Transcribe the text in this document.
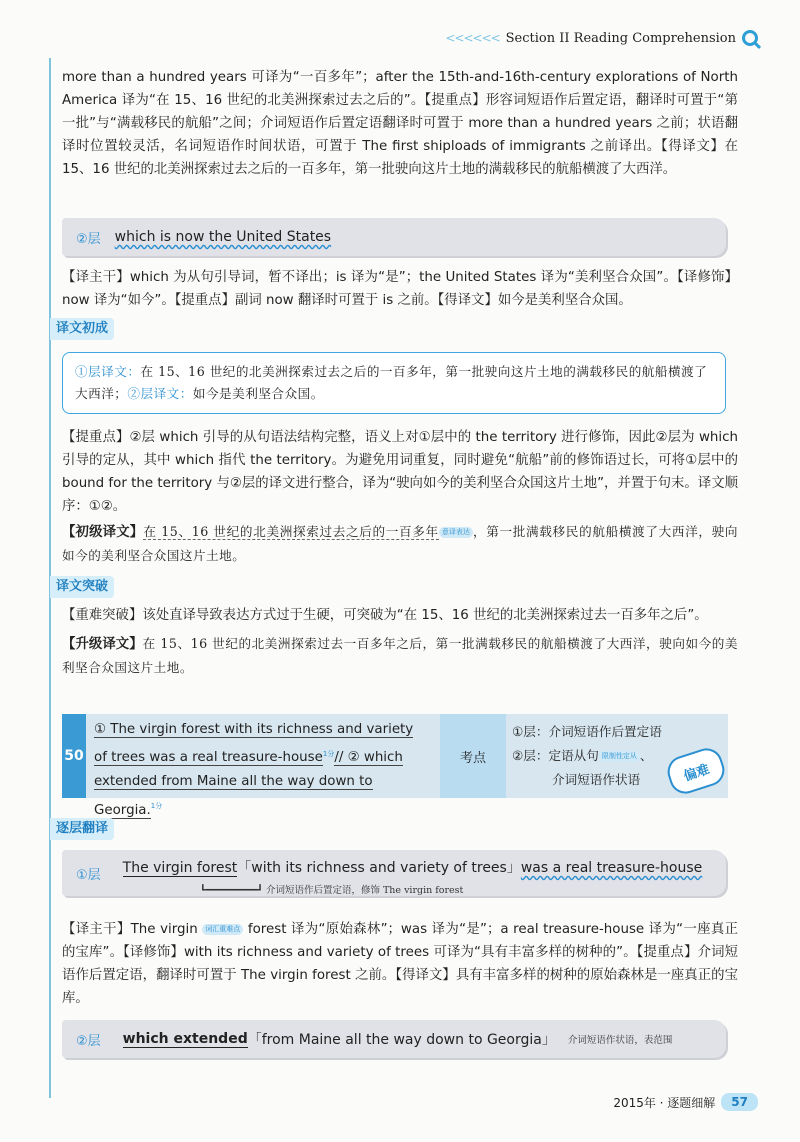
<<<<<< Section II Reading Comprehension

more than a hundred years 可译为“一百多年”；after the 15th-and-16th-century explorations of North America 译为“在 15、16 世纪的北美洲探索过去之后的”。【提重点】形容词短语作后置定语，翻译时可置于“第一批”与“满载移民的航船”之间；介词短语作后置定语翻译时可置于 more than a hundred years 之前；状语翻译时位置较灵活，名词短语作时间状语，可置于 The first shiploads of immigrants 之前译出。【得译文】在 15、16 世纪的北美洲探索过去之后的一百多年，第一批驶向这片土地的满载移民的航船横渡了大西洋。

②层 which is now the United States

【译主干】which 为从句引导词，暂不译出；is 译为“是”；the United States 译为“美利坚合众国”。【译修饰】now 译为“如今”。【提重点】副词 now 翻译时可置于 is 之前。【得译文】如今是美利坚合众国。

译文初成
①层译文：在 15、16 世纪的北美洲探索过去之后的一百多年，第一批驶向这片土地的满载移民的航船横渡了大西洋；②层译文：如今是美利坚合众国。

【提重点】②层 which 引导的从句语法结构完整，语义上对①层中的 the territory 进行修饰，因此②层为 which 引导的定从，其中 which 指代 the territory。为避免用词重复，同时避免“航船”前的修饰语过长，可将①层中的 bound for the territory 与②层的译文进行整合，译为“驶向如今的美利坚合众国这片土地”，并置于句末。译文顺序：①②。

【初级译文】在 15、16 世纪的北美洲探索过去之后的一百多年 意译表达 ，第一批满载移民的航船横渡了大西洋，驶向如今的美利坚合众国这片土地。

译文突破

【重难突破】该处直译导致表达方式过于生硬，可突破为“在 15、16 世纪的北美洲探索过去一百多年之后”。

【升级译文】在 15、16 世纪的北美洲探索过去一百多年之后，第一批满载移民的航船横渡了大西洋，驶向如今的美利坚合众国这片土地。

50
① The virgin forest with its richness and variety
of trees was a real treasure-house$^{1分}$// ② which
extended from Maine all the way down to Georgia.$^{1分}$
考点
①层：介词短语作后置定语
②层：定语从句 限制性定从 、
介词短语作状语	偏难
逐层翻译
①层 The virgin forest「with its richness and variety of trees」was a real treasure-house
┗━━━━━━━━━┛ 介词短语作后置定语，修饰 The virgin forest

【译主干】The virgin 词汇重难点 forest 译为“原始森林”；was 译为“是”；a real treasure-house 译为“一座真正的宝库”。【译修饰】with its richness and variety of trees 可译为“具有丰富多样的树种的”。【提重点】介词短语作后置定语，翻译时可置于 The virgin forest 之前。【得译文】具有丰富多样的树种的原始森林是一座真正的宝库。

②层 which extended 「from Maine all the way down to Georgia」 介词短语作状语，表范围
2015年 · 逐题细解	57
